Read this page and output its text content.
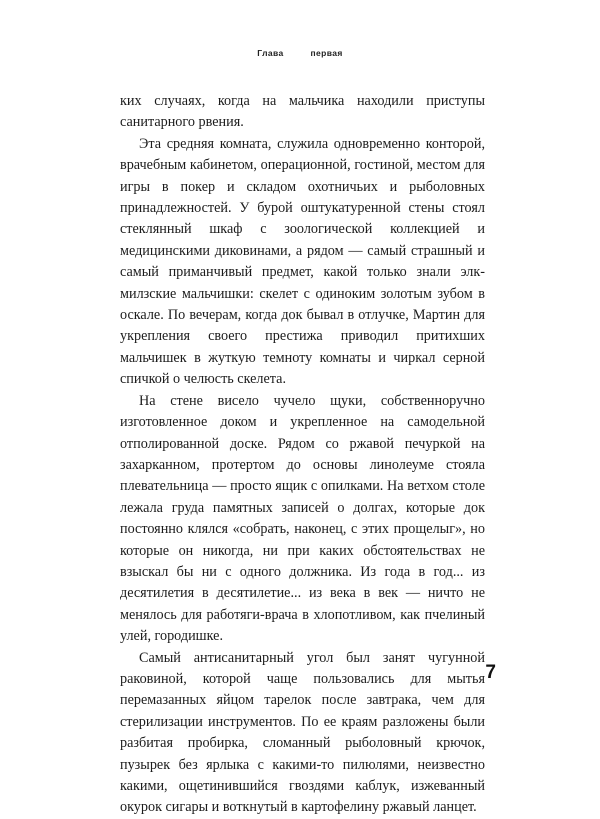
Глава	первая

ких случаях, когда на мальчика находили приступы санитарного рвения.

Эта средняя комната, служила одновременно конторой, врачебным кабинетом, операционной, гостиной, местом для игры в покер и складом охотничьих и рыболовных принадлежностей. У бурой оштукатуренной стены стоял стеклянный шкаф с зоологической коллекцией и медицинскими диковинами, а рядом — самый страшный и самый приманчивый предмет, какой только знали элк-милзские мальчишки: скелет с одиноким золотым зубом в оскале. По вечерам, когда док бывал в отлучке, Мартин для укрепления своего престижа приводил притихших мальчишек в жуткую темноту комнаты и чиркал серной спичкой о челюсть скелета.

На стене висело чучело щуки, собственноручно изготовленное доком и укрепленное на самодельной отполированной доске. Рядом со ржавой печуркой на захарканном, протертом до основы линолеуме стояла плевательница — просто ящик с опилками. На ветхом столе лежала груда памятных записей о долгах, которые док постоянно клялся «собрать, наконец, с этих прощелыг», но которые он никогда, ни при каких обстоятельствах не взыскал бы ни с одного должника. Из года в год... из десятилетия в десятилетие... из века в век — ничто не менялось для работяги-врача в хлопотливом, как пчелиный улей, городишке.

Самый антисанитарный угол был занят чугунной раковиной, которой чаще пользовались для мытья перемазанных яйцом тарелок после завтрака, чем для стерилизации инструментов. По ее краям разложены были разбитая пробирка, сломанный рыболовный крючок, пузырек без ярлыка с какими-то пилюлями, неизвестно какими, ощетинившийся гвоздями каблук, изжеванный окурок сигары и воткнутый в картофелину ржавый ланцет.

7
